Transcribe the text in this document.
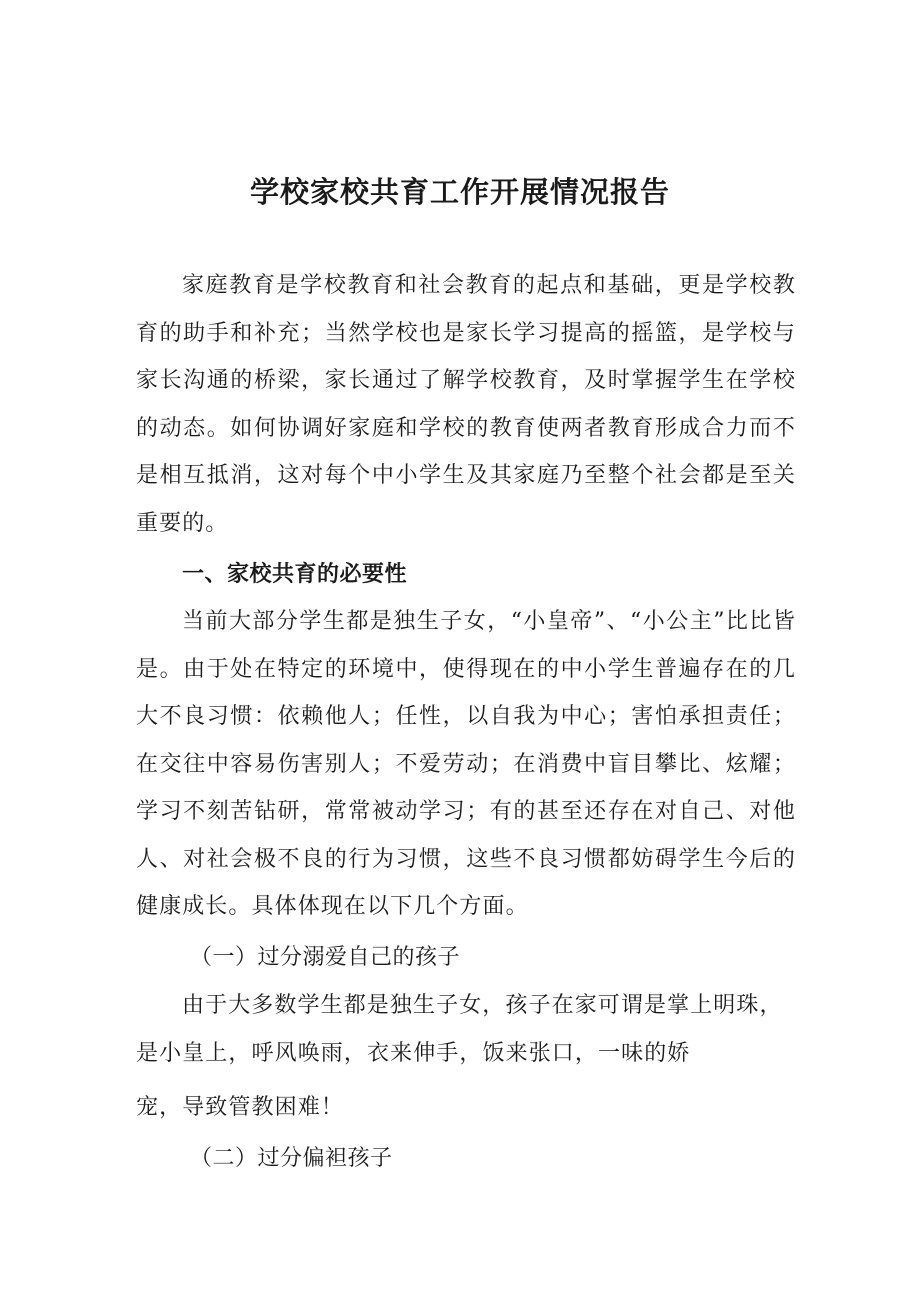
学校家校共育工作开展情况报告

家庭教育是学校教育和社会教育的起点和基础，更是学校教育的助手和补充；当然学校也是家长学习提高的摇篮，是学校与家长沟通的桥梁，家长通过了解学校教育，及时掌握学生在学校的动态。如何协调好家庭和学校的教育使两者教育形成合力而不是相互抵消，这对每个中小学生及其家庭乃至整个社会都是至关重要的。

一、家校共育的必要性

当前大部分学生都是独生子女，“小皇帝”、“小公主”比比皆是。由于处在特定的环境中，使得现在的中小学生普遍存在的几大不良习惯：依赖他人；任性，以自我为中心；害怕承担责任；在交往中容易伤害别人；不爱劳动；在消费中盲目攀比、炫耀；学习不刻苦钻研，常常被动学习；有的甚至还存在对自己、对他人、对社会极不良的行为习惯，这些不良习惯都妨碍学生今后的健康成长。具体体现在以下几个方面。

（一）过分溺爱自己的孩子

由于大多数学生都是独生子女，孩子在家可谓是掌上明珠，

是小皇上，呼风唤雨，衣来伸手，饭来张口，一味的娇

宠，导致管教困难！

（二）过分偏袒孩子
